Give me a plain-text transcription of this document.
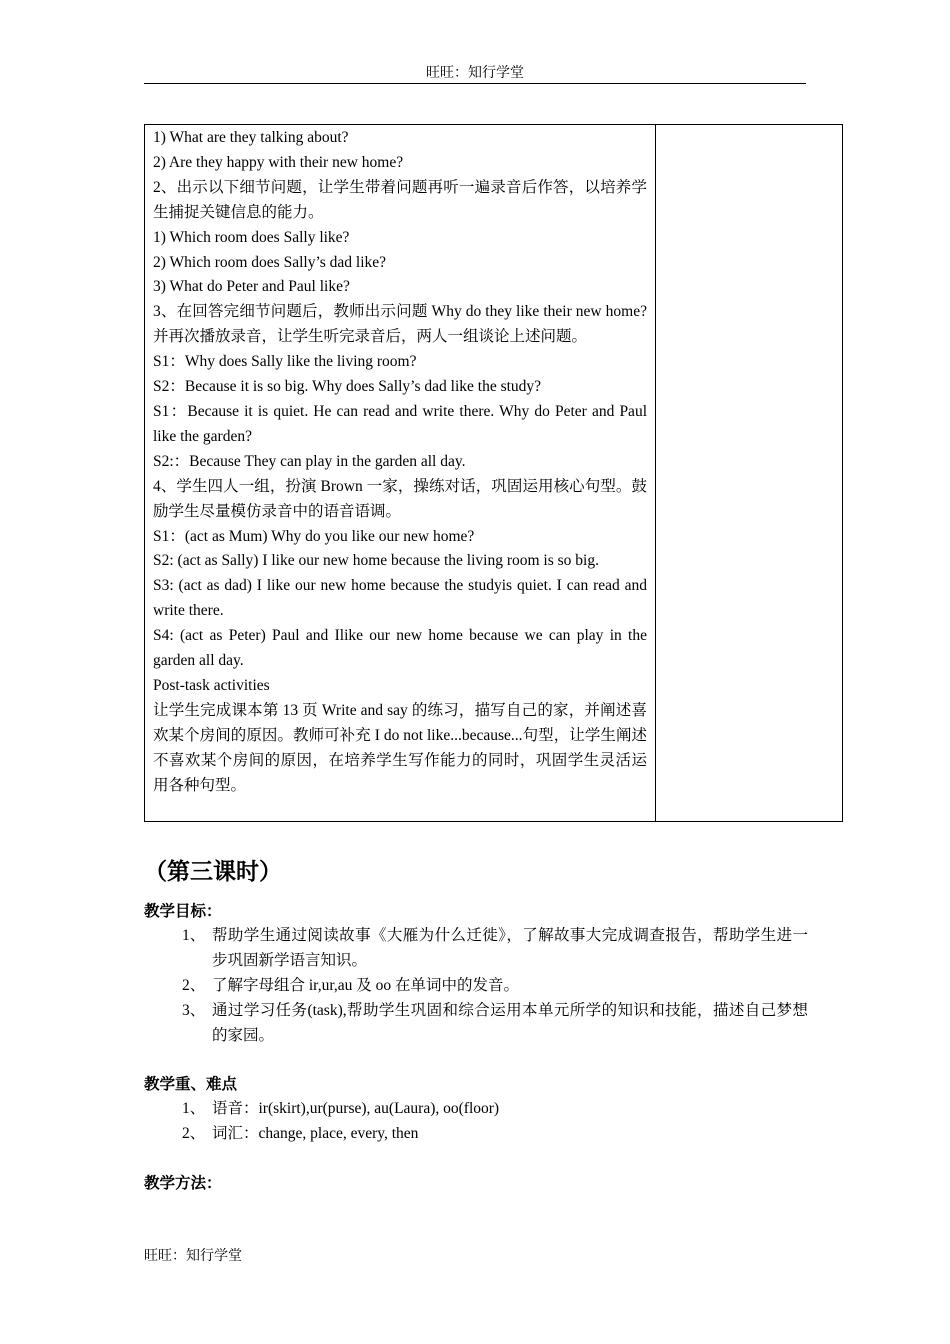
旺旺：知行学堂
1) What are they talking about?
2) Are they happy with their new home?
2、出示以下细节问题，让学生带着问题再听一遍录音后作答，以培养学生捕捉关键信息的能力。
1) Which room does Sally like?
2) Which room does Sally’s dad like?
3) What do Peter and Paul like?
3、在回答完细节问题后，教师出示问题 Why do they like their new home? 并再次播放录音，让学生听完录音后，两人一组谈论上述问题。
S1：Why does Sally like the living room?
S2：Because it is so big. Why does Sally’s dad like the study?
S1：Because it is quiet. He can read and write there. Why do Peter and Paul like the garden?
S2:：Because They can play in the garden all day.
4、学生四人一组，扮演 Brown 一家，操练对话，巩固运用核心句型。鼓励学生尽量模仿录音中的语音语调。
S1：(act as Mum) Why do you like our new home?
S2: (act as Sally) I like our new home because the living room is so big.
S3: (act as dad) I like our new home because the studyis quiet. I can read and write there.
S4: (act as Peter) Paul and Ilike our new home because we can play in the garden all day.
Post-task activities
让学生完成课本第 13 页 Write and say 的练习，描写自己的家，并阐述喜欢某个房间的原因。教师可补充 I do not like...because...句型，让学生阐述不喜欢某个房间的原因，在培养学生写作能力的同时，巩固学生灵活运用各种句型。
（第三课时）
教学目标：
1、 帮助学生通过阅读故事《大雁为什么迁徙》，了解故事大完成调查报告，帮助学生进一步巩固新学语言知识。
2、 了解字母组合 ir,ur,au 及 oo 在单词中的发音。
3、 通过学习任务(task),帮助学生巩固和综合运用本单元所学的知识和技能，描述自己梦想的家园。
教学重、难点
1、 语音：ir(skirt),ur(purse), au(Laura), oo(floor)
2、 词汇：change, place, every, then
教学方法：
旺旺：知行学堂
